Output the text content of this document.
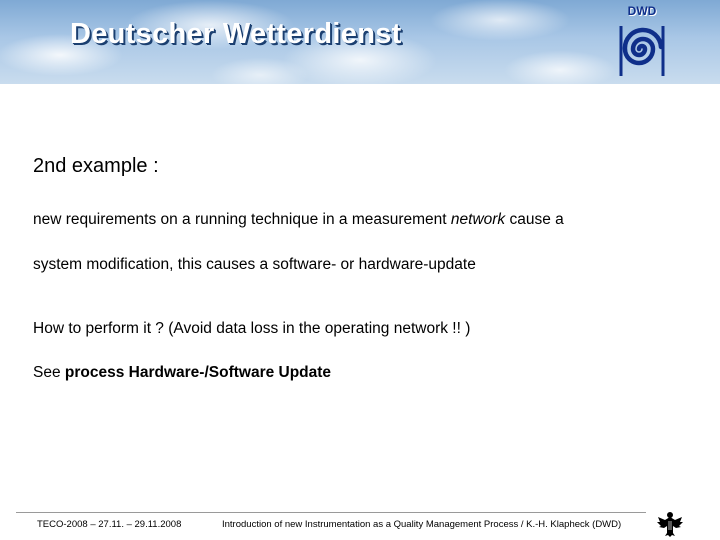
Deutscher Wetterdienst
DWD
2nd example :
new requirements on a running technique in a measurement network cause a
system modification, this causes a software- or hardware-update
How to perform it ? (Avoid data loss in the operating network !! )
See process Hardware-/Software Update
TECO-2008 – 27.11. – 29.11.2008	Introduction of new Instrumentation as a Quality Management Process / K.-H. Klapheck (DWD)
